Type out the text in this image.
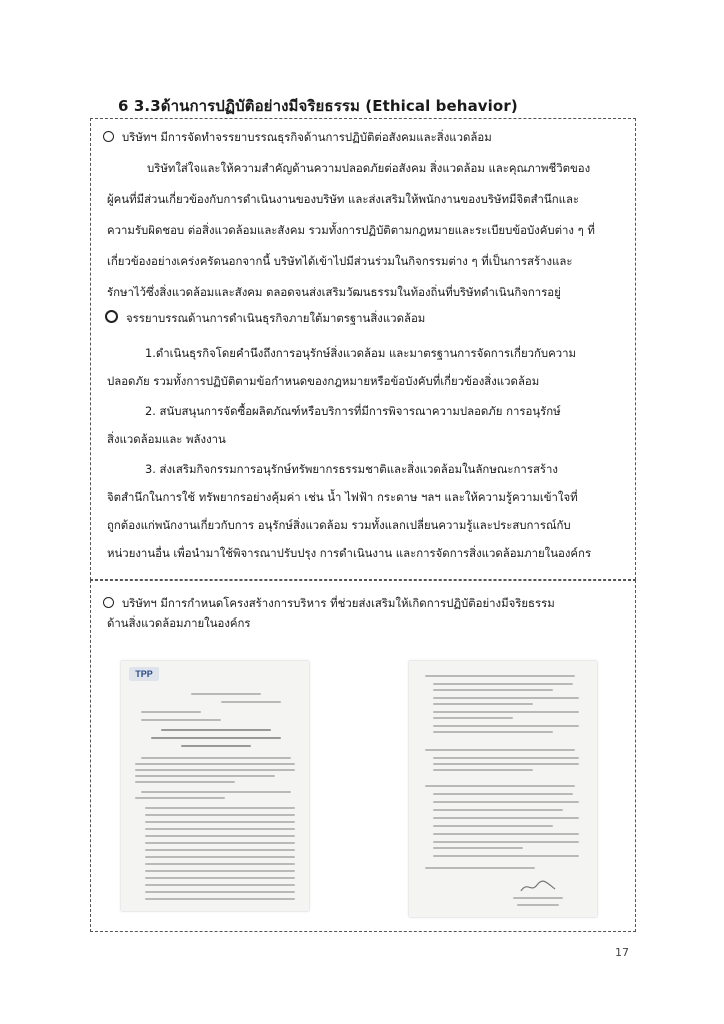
6 3.3ด้านการปฏิบัติอย่างมีจริยธรรม (Ethical behavior)
บริษัทฯ มีการจัดทำจรรยาบรรณธุรกิจด้านการปฏิบัติต่อสังคมและสิ่งแวดล้อม
บริษัทใส่ใจและให้ความสำคัญด้านความปลอดภัยต่อสังคม สิ่งแวดล้อม และคุณภาพชีวิตของ
ผู้คนที่มีส่วนเกี่ยวข้องกับการดำเนินงานของบริษัท และส่งเสริมให้พนักงานของบริษัทมีจิตสำนึกและ
ความรับผิดชอบ ต่อสิ่งแวดล้อมและสังคม รวมทั้งการปฏิบัติตามกฎหมายและระเบียบข้อบังคับต่าง ๆ ที่
เกี่ยวข้องอย่างเคร่งครัดนอกจากนี้ บริษัทได้เข้าไปมีส่วนร่วมในกิจกรรมต่าง ๆ ที่เป็นการสร้างและ
รักษาไว้ซึ่งสิ่งแวดล้อมและสังคม ตลอดจนส่งเสริมวัฒนธรรมในท้องถิ่นที่บริษัทดำเนินกิจการอยู่
จรรยาบรรณด้านการดำเนินธุรกิจภายใต้มาตรฐานสิ่งแวดล้อม
1.ดำเนินธุรกิจโดยคำนึงถึงการอนุรักษ์สิ่งแวดล้อม และมาตรฐานการจัดการเกี่ยวกับความ
ปลอดภัย รวมทั้งการปฏิบัติตามข้อกำหนดของกฎหมายหรือข้อบังคับที่เกี่ยวข้องสิ่งแวดล้อม
2. สนับสนุนการจัดซื้อผลิตภัณฑ์หรือบริการที่มีการพิจารณาความปลอดภัย การอนุรักษ์
สิ่งแวดล้อมและ พลังงาน
3. ส่งเสริมกิจกรรมการอนุรักษ์ทรัพยากรธรรมชาติและสิ่งแวดล้อมในลักษณะการสร้าง
จิตสำนึกในการใช้ ทรัพยากรอย่างคุ้มค่า เช่น น้ำ ไฟฟ้า กระดาษ ฯลฯ และให้ความรู้ความเข้าใจที่
ถูกต้องแก่พนักงานเกี่ยวกับการ อนุรักษ์สิ่งแวดล้อม รวมทั้งแลกเปลี่ยนความรู้และประสบการณ์กับ
หน่วยงานอื่น เพื่อนำมาใช้พิจารณาปรับปรุง การดำเนินงาน และการจัดการสิ่งแวดล้อมภายในองค์กร
บริษัทฯ มีการกำหนดโครงสร้างการบริหาร ที่ช่วยส่งเสริมให้เกิดการปฏิบัติอย่างมีจริยธรรม
ด้านสิ่งแวดล้อมภายในองค์กร
TPP
17
